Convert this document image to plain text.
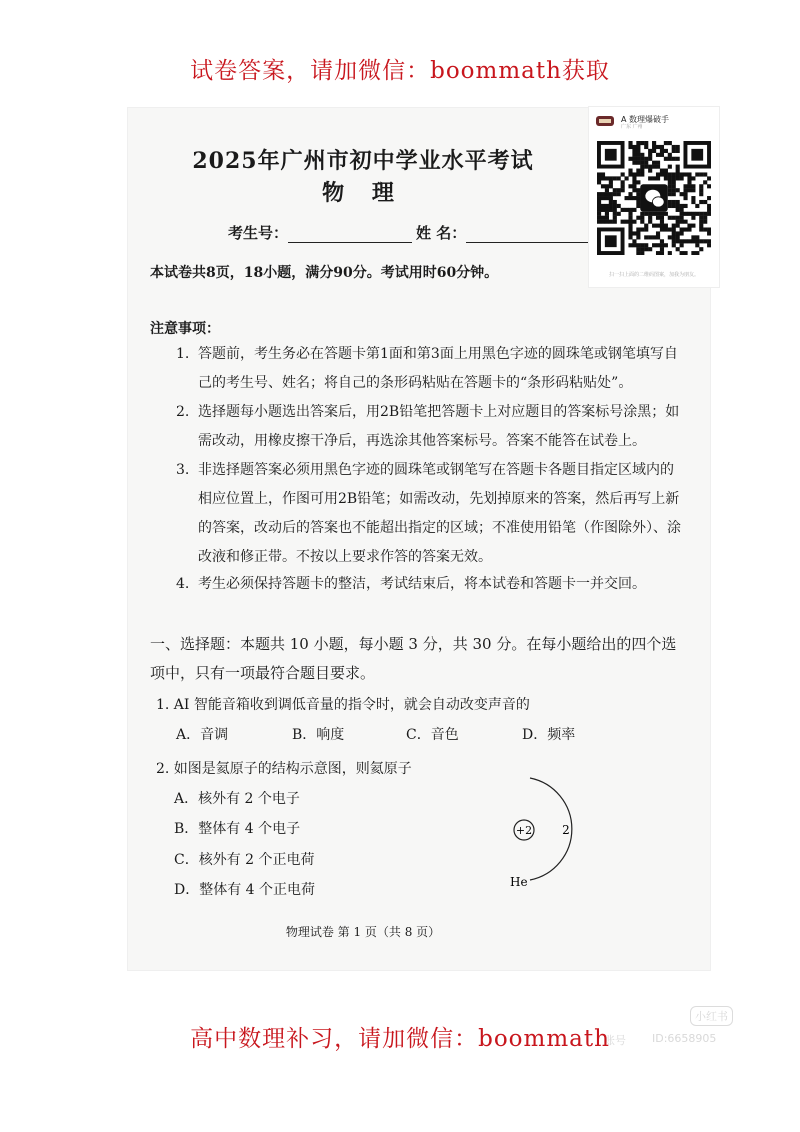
试卷答案，请加微信：boommath获取
A 数理爆破手
广东 广州
扫一扫上面的二维码图案，加我为朋友。
2025年广州市初中学业水平考试
物 理
考生号：	姓 名：
本试卷共8页，18小题，满分90分。考试用时60分钟。
注意事项：
1. 答题前，考生务必在答题卡第1面和第3面上用黑色字迹的圆珠笔或钢笔填写自己的考生号、姓名；将自己的条形码粘贴在答题卡的“条形码粘贴处”。
2. 选择题每小题选出答案后，用2B铅笔把答题卡上对应题目的答案标号涂黑；如需改动，用橡皮擦干净后，再选涂其他答案标号。答案不能答在试卷上。
3. 非选择题答案必须用黑色字迹的圆珠笔或钢笔写在答题卡各题目指定区域内的相应位置上，作图可用2B铅笔；如需改动，先划掉原来的答案，然后再写上新的答案，改动后的答案也不能超出指定的区域；不准使用铅笔（作图除外）、涂改液和修正带。不按以上要求作答的答案无效。
4. 考生必须保持答题卡的整洁，考试结束后，将本试卷和答题卡一并交回。
一、选择题：本题共 10 小题，每小题 3 分，共 30 分。在每小题给出的四个选项中，只有一项最符合题目要求。
1. AI 智能音箱收到调低音量的指令时，就会自动改变声音的
A．音调	B．响度	C．音色	D．频率
2. 如图是氦原子的结构示意图，则氦原子
A．核外有 2 个电子
B．整体有 4 个电子
C．核外有 2 个正电荷
D．整体有 4 个正电荷
+2	2
He
物理试卷 第 1 页（共 8 页）
小红书
账号 ID:6658905
高中数理补习，请加微信：boommath
